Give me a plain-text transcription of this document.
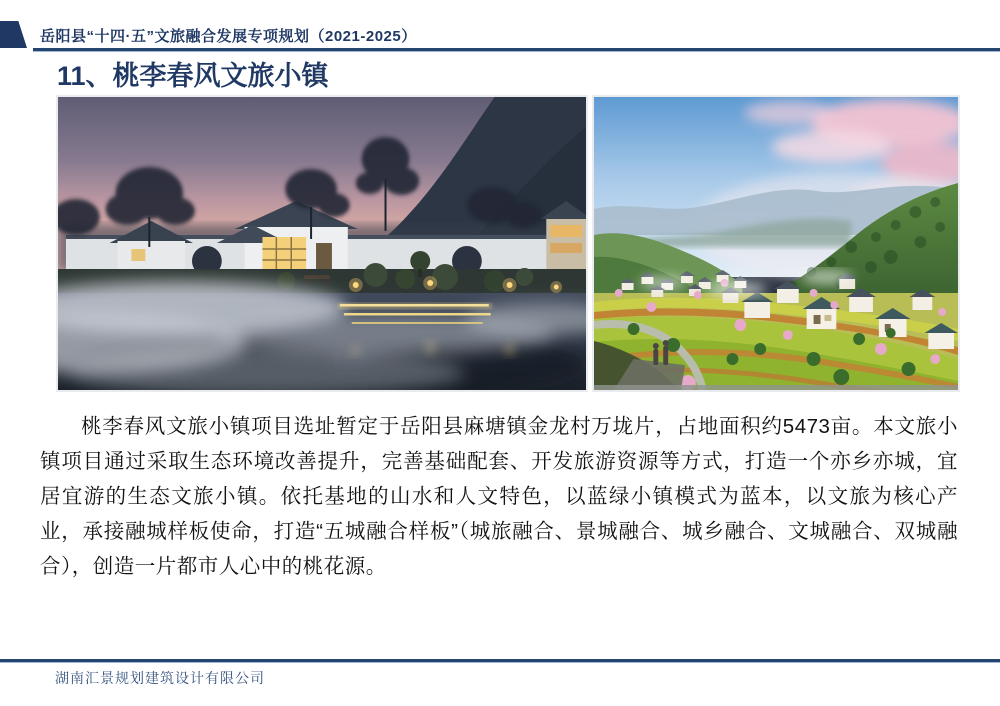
岳阳县“十四·五”文旅融合发展专项规划（2021-2025）
11、桃李春风文旅小镇

桃李春风文旅小镇项目选址暂定于岳阳县麻塘镇金龙村万垅片，占地面积约5473亩。本文旅小镇项目通过采取生态环境改善提升，完善基础配套、开发旅游资源等方式，打造一个亦乡亦城，宜居宜游的生态文旅小镇。依托基地的山水和人文特色，以蓝绿小镇模式为蓝本，以文旅为核心产业，承接融城样板使命，打造“五城融合样板”（城旅融合、景城融合、城乡融合、文城融合、双城融合），创造一片都市人心中的桃花源。

湖南汇景规划建筑设计有限公司
